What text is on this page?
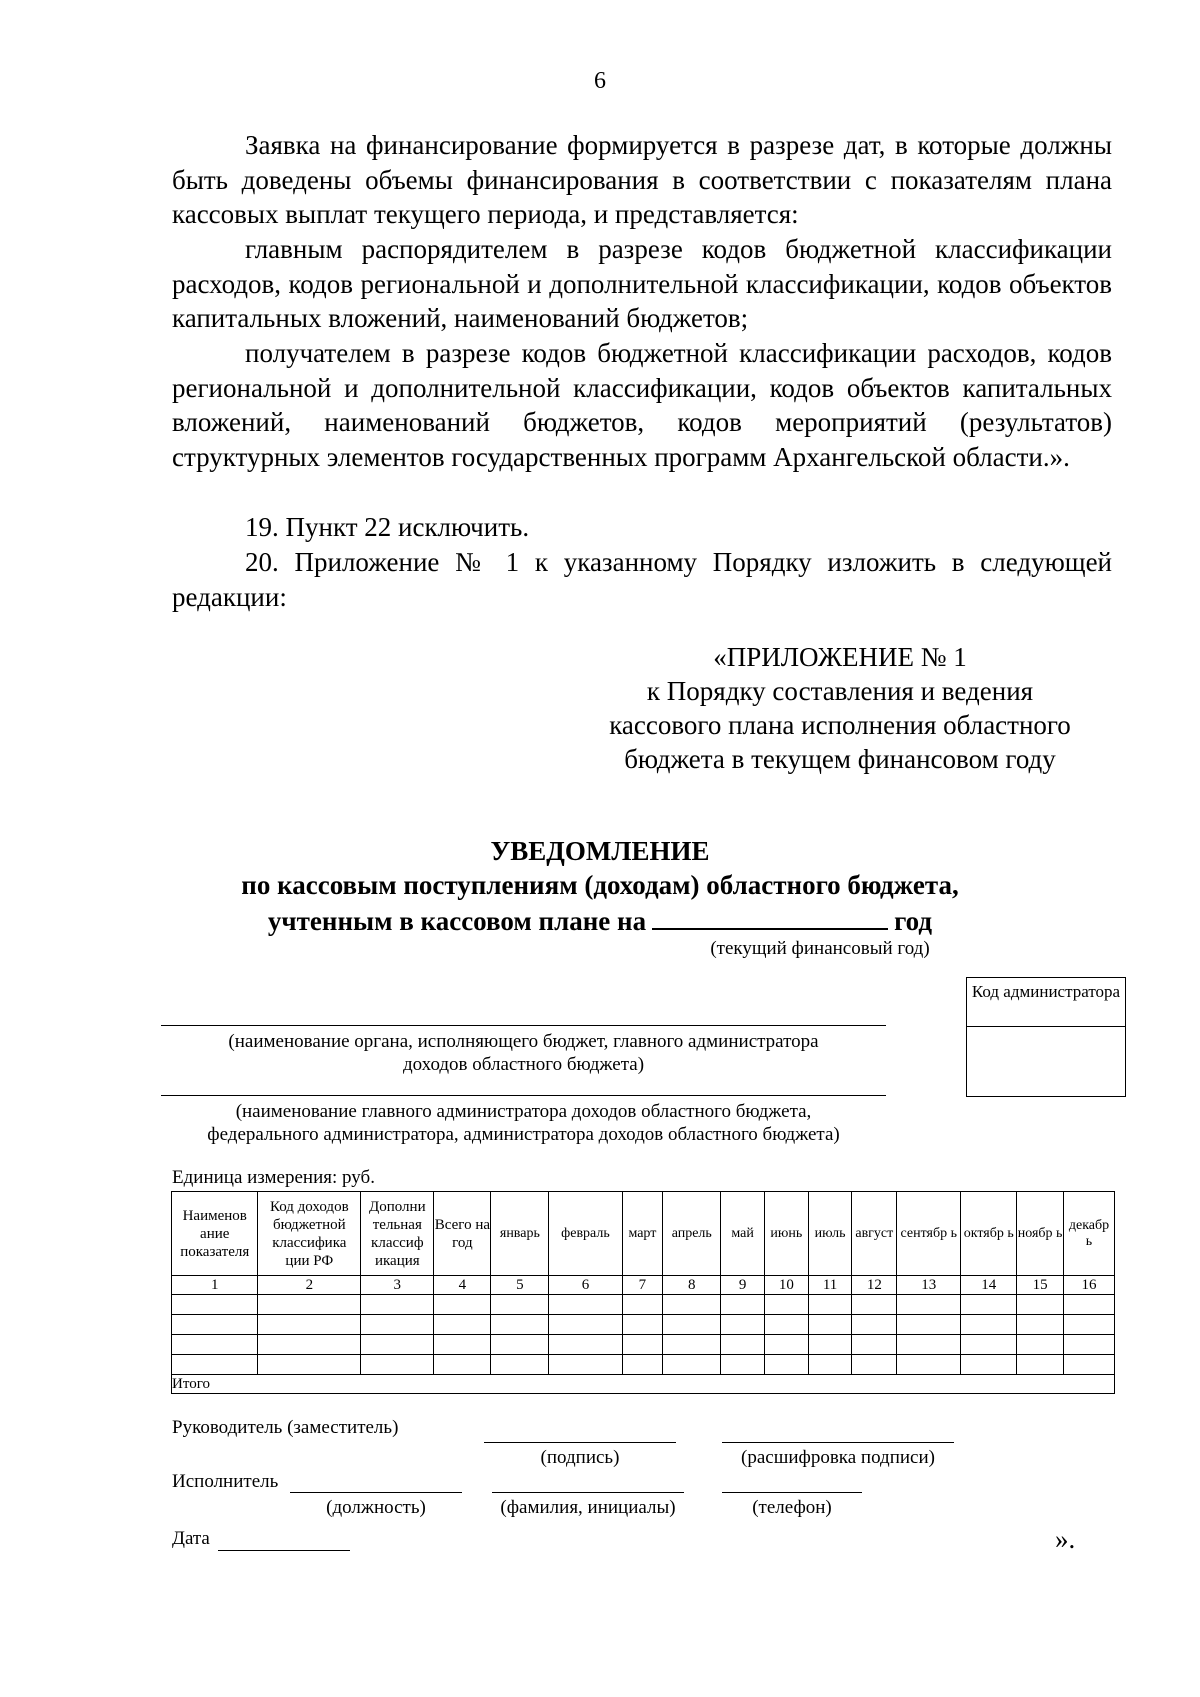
6
Заявка на финансирование формируется в разрезе дат, в которые должны быть доведены объемы финансирования в соответствии с показателям плана кассовых выплат текущего периода, и представляется:
главным распорядителем в разрезе кодов бюджетной классификации расходов, кодов региональной и дополнительной классификации, кодов объектов капитальных вложений, наименований бюджетов;
получателем в разрезе кодов бюджетной классификации расходов, кодов региональной и дополнительной классификации, кодов объектов капитальных вложений, наименований бюджетов, кодов мероприятий (результатов) структурных элементов государственных программ Архангельской области.».
19. Пункт 22 исключить.
20. Приложение № 1 к указанному Порядку изложить в следующей редакции:
«ПРИЛОЖЕНИЕ № 1
к Порядку составления и ведения
кассового плана исполнения областного
бюджета в текущем финансовом году
УВЕДОМЛЕНИЕ
по кассовым поступлениям (доходам) областного бюджета,
учтенным в кассовом плане на	год
(текущий финансовый год)
Код администратора
(наименование органа, исполняющего бюджет, главного администратора
доходов областного бюджета)
(наименование главного администратора доходов областного бюджета,
федерального администратора, администратора доходов областного бюджета)
Единица измерения: руб.
Наименов ание показателя	Код доходов бюджетной классифика ции РФ	Дополни тельная классиф икация	Всего на год	январь	февраль	март	апрель	май	июнь	июль	август	сентябр ь	октябр ь	ноябр ь	декабр ь
1	2	3	4	5	6	7	8	9	10	11	12	13	14	15	16

Итого															
Руководитель (заместитель)
(подпись)	(расшифровка подписи)
Исполнитель
(должность)	(фамилия, инициалы)	(телефон)
Дата	».
